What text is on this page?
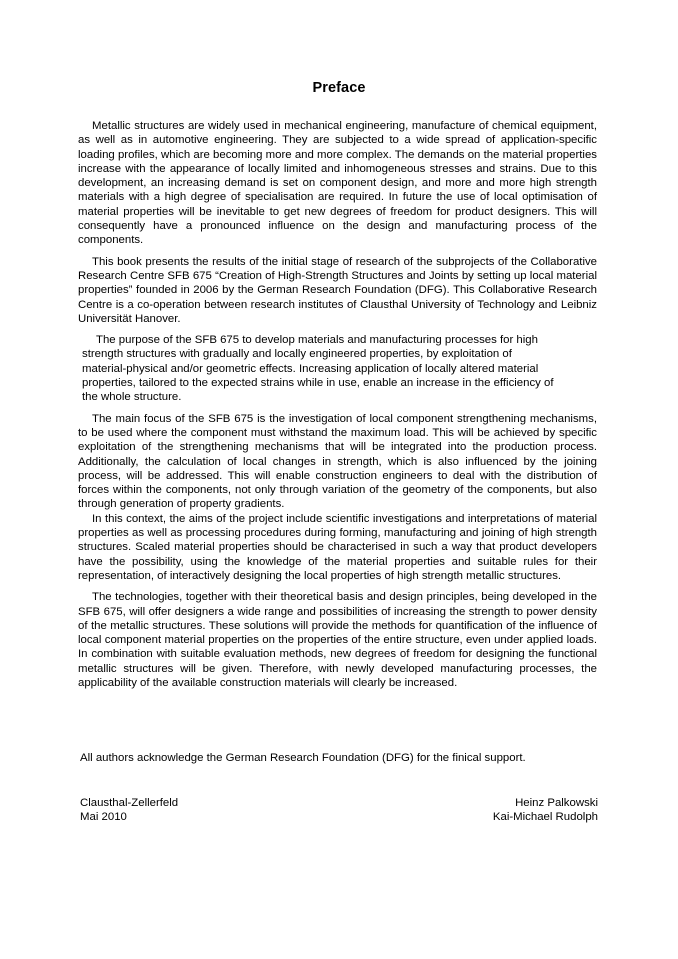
Preface

Metallic structures are widely used in mechanical engineering, manufacture of chemical equipment, as well as in automotive engineering. They are subjected to a wide spread of application-specific loading profiles, which are becoming more and more complex. The demands on the material properties increase with the appearance of locally limited and inhomogeneous stresses and strains. Due to this development, an increasing demand is set on component design, and more and more high strength materials with a high degree of specialisation are required. In future the use of local optimisation of material properties will be inevitable to get new degrees of freedom for product designers. This will consequently have a pronounced influence on the design and manufacturing process of the components.

This book presents the results of the initial stage of research of the subprojects of the Collaborative Research Centre SFB 675 “Creation of High-Strength Structures and Joints by setting up local material properties” founded in 2006 by the German Research Foundation (DFG). This Collaborative Research Centre is a co-operation between research institutes of Clausthal University of Technology and Leibniz Universität Hanover.

The purpose of the SFB 675 to develop materials and manufacturing processes for high strength structures with gradually and locally engineered properties, by exploitation of material-physical and/or geometric effects. Increasing application of locally altered material properties, tailored to the expected strains while in use, enable an increase in the efficiency of the whole structure.

The main focus of the SFB 675 is the investigation of local component strengthening mechanisms, to be used where the component must withstand the maximum load. This will be achieved by specific exploitation of the strengthening mechanisms that will be integrated into the production process. Additionally, the calculation of local changes in strength, which is also influenced by the joining process, will be addressed. This will enable construction engineers to deal with the distribution of forces within the components, not only through variation of the geometry of the components, but also through generation of property gradients.

In this context, the aims of the project include scientific investigations and interpretations of material properties as well as processing procedures during forming, manufacturing and joining of high strength structures. Scaled material properties should be characterised in such a way that product developers have the possibility, using the knowledge of the material properties and suitable rules for their representation, of interactively designing the local properties of high strength metallic structures.

The technologies, together with their theoretical basis and design principles, being developed in the SFB 675, will offer designers a wide range and possibilities of increasing the strength to power density of the metallic structures. These solutions will provide the methods for quantification of the influence of local component material properties on the properties of the entire structure, even under applied loads. In combination with suitable evaluation methods, new degrees of freedom for designing the functional metallic structures will be given. Therefore, with newly developed manufacturing processes, the applicability of the available construction materials will clearly be increased.

All authors acknowledge the German Research Foundation (DFG) for the finical support.
Clausthal-Zellerfeld
Mai 2010
Heinz Palkowski
Kai-Michael Rudolph
